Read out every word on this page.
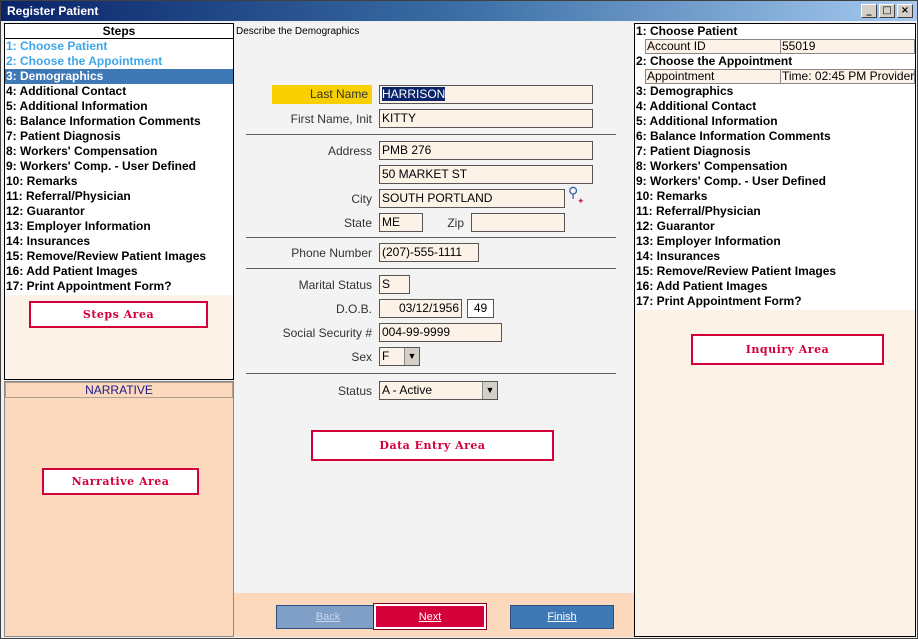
Register Patient	_	□ ×
Steps
1: Choose Patient
2: Choose the Appointment
3: Demographics
4: Additional Contact
5: Additional Information
6: Balance Information Comments
7: Patient Diagnosis
8: Workers' Compensation
9: Workers' Comp. - User Defined
10: Remarks
11: Referral/Physician
12: Guarantor
13: Employer Information
14: Insurances
15: Remove/Review Patient Images
16: Add Patient Images
17: Print Appointment Form?
Steps Area
NARRATIVE
Narrative Area
Describe the Demographics
Last Name	HARRISON
First Name, Init KITTY
Address PMB 276
50 MARKET ST
City SOUTH PORTLAND	⚲
✦
State ME	Zip
Phone Number (207)-555-1111
Marital Status S
D.O.B.	03/12/1956	49
Social Security # 004-99-9999
Sex F	▼
Status A - Active	▼
Data Entry Area
Back	Next	Finish
1: Choose Patient
Account ID	55019
2: Choose the Appointment
Appointment	Time: 02:45 PM Provider
3: Demographics
4: Additional Contact
5: Additional Information
6: Balance Information Comments
7: Patient Diagnosis
8: Workers' Compensation
9: Workers' Comp. - User Defined
10: Remarks
11: Referral/Physician
12: Guarantor
13: Employer Information
14: Insurances
15: Remove/Review Patient Images
16: Add Patient Images
17: Print Appointment Form?
Inquiry Area
